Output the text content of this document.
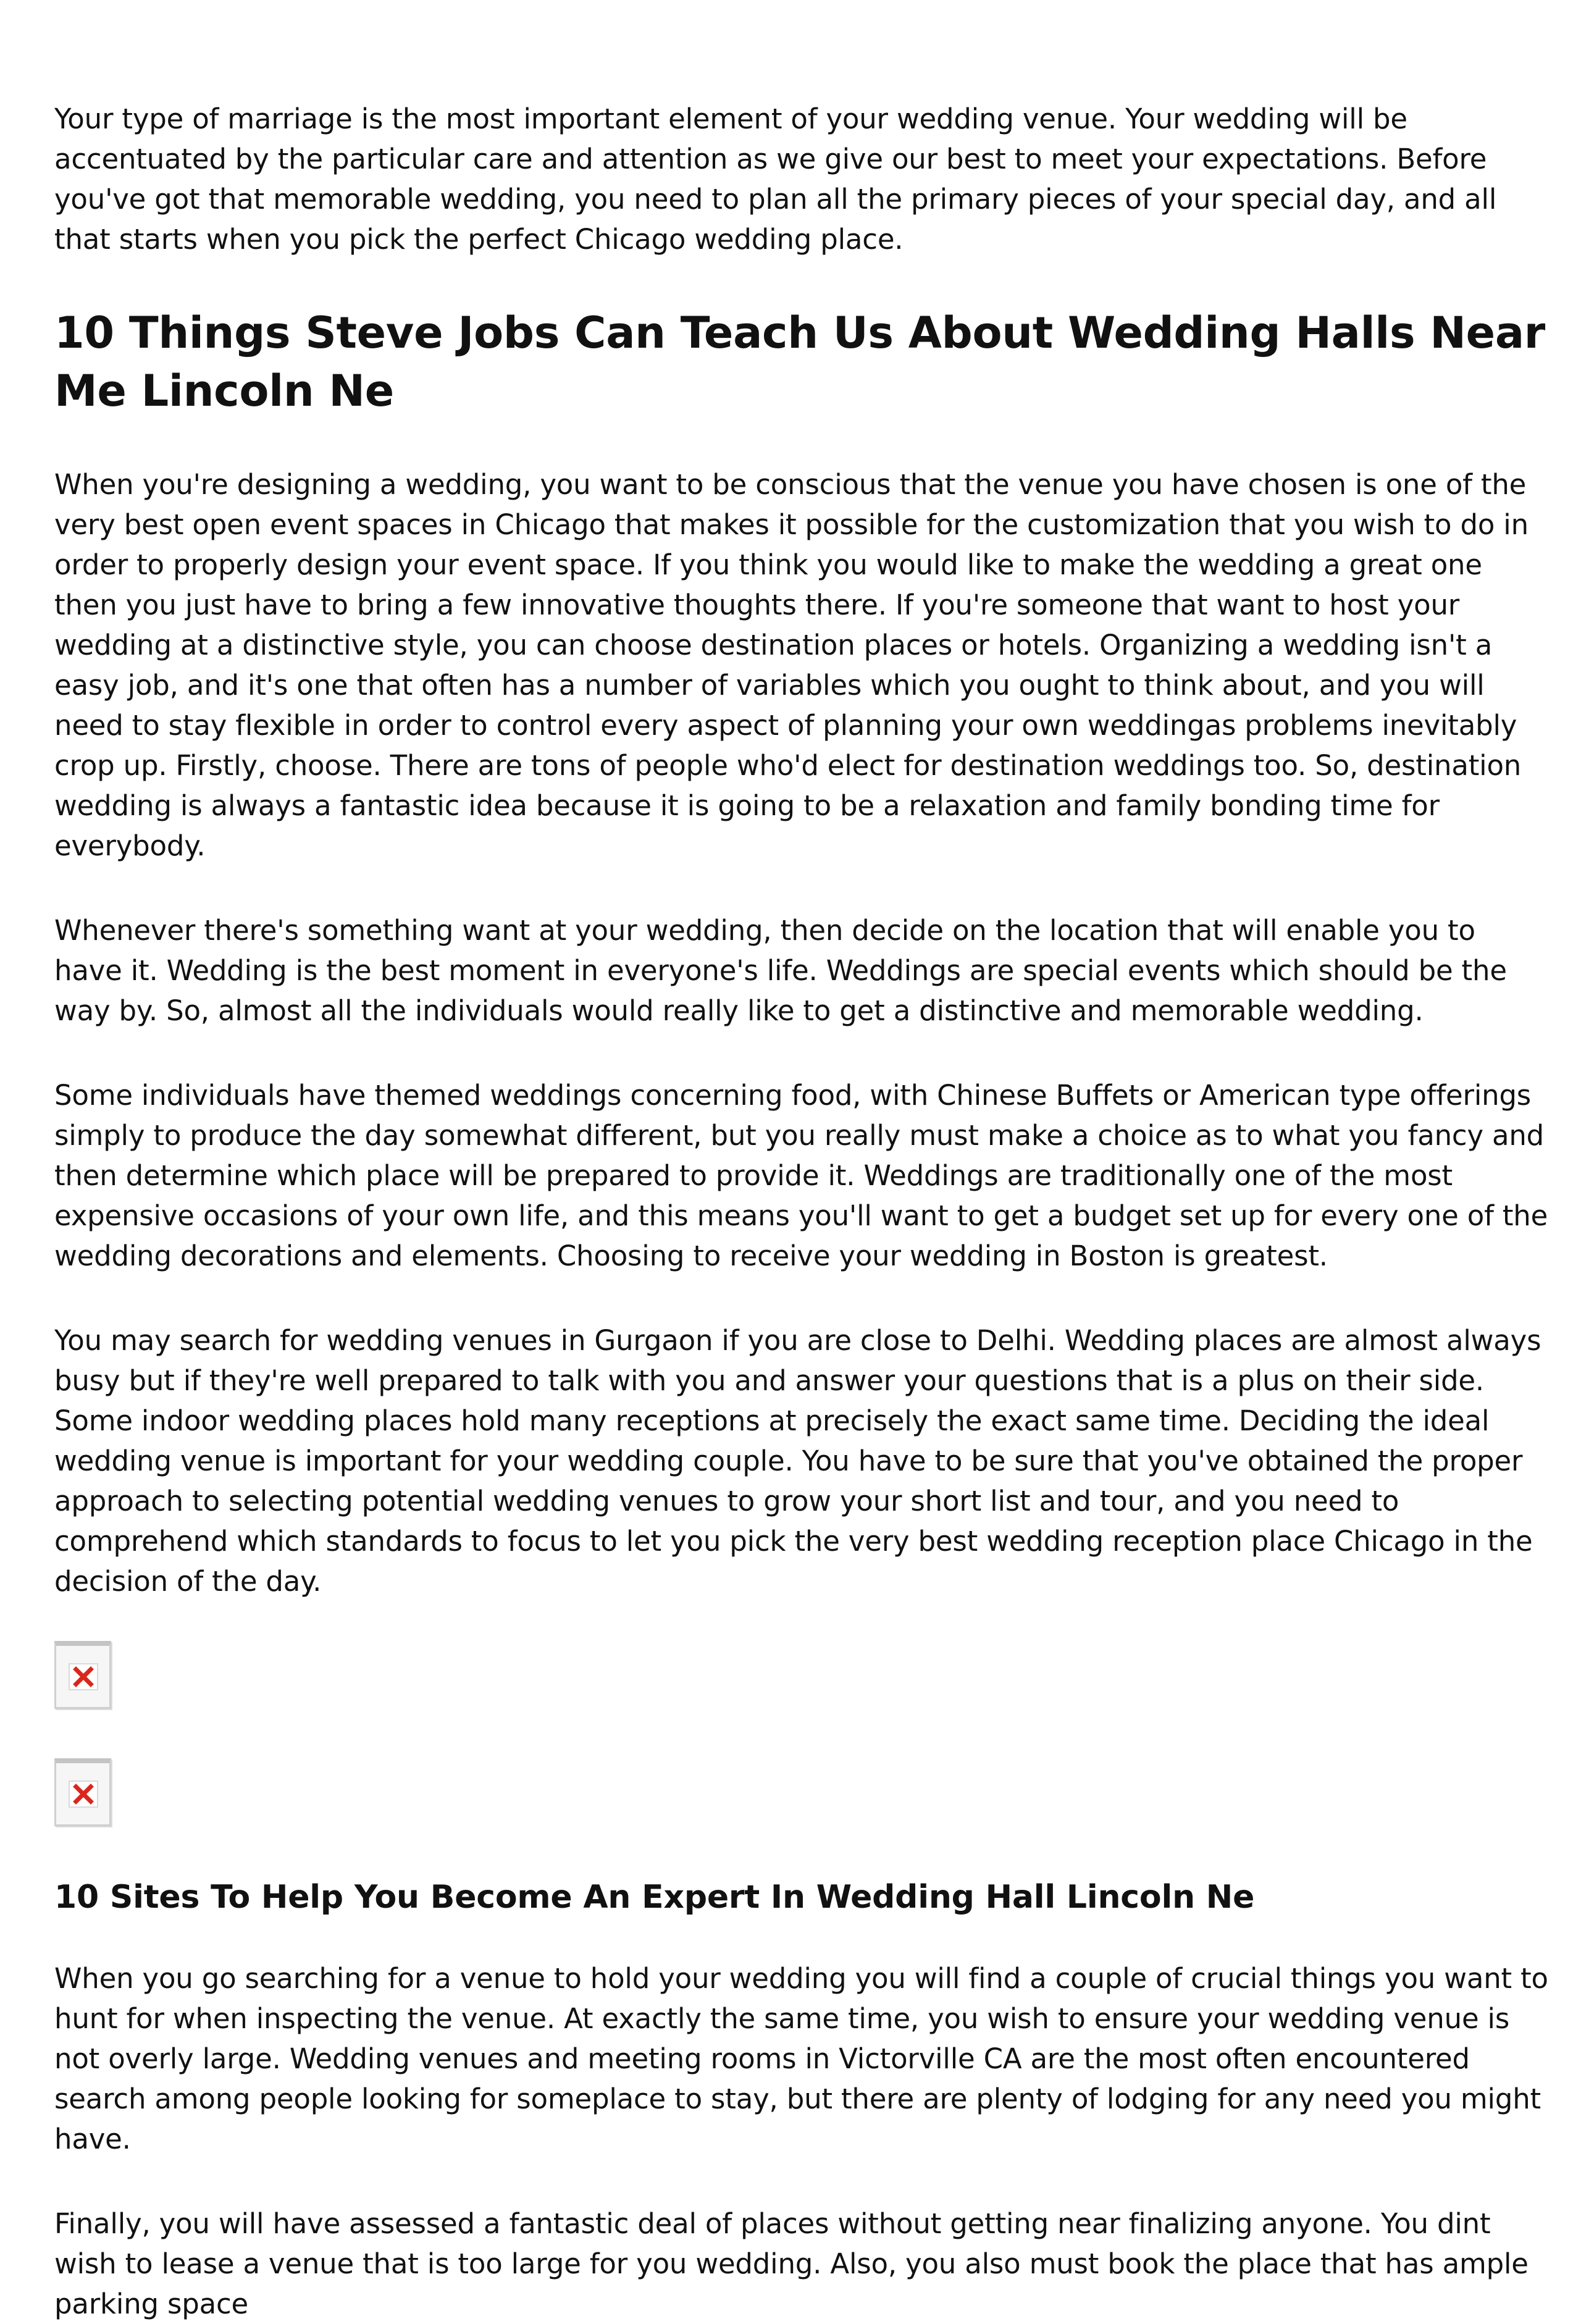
Your type of marriage is the most important element of your wedding venue. Your wedding will be accentuated by the particular care and attention as we give our best to meet your expectations. Before you've got that memorable wedding, you need to plan all the primary pieces of your special day, and all that starts when you pick the perfect Chicago wedding place.

10 Things Steve Jobs Can Teach Us About Wedding Halls Near Me Lincoln Ne

When you're designing a wedding, you want to be conscious that the venue you have chosen is one of the very best open event spaces in Chicago that makes it possible for the customization that you wish to do in order to properly design your event space. If you think you would like to make the wedding a great one then you just have to bring a few innovative thoughts there. If you're someone that want to host your wedding at a distinctive style, you can choose destination places or hotels. Organizing a wedding isn't a easy job, and it's one that often has a number of variables which you ought to think about, and you will need to stay flexible in order to control every aspect of planning your own weddingas problems inevitably crop up. Firstly, choose. There are tons of people who'd elect for destination weddings too. So, destination wedding is always a fantastic idea because it is going to be a relaxation and family bonding time for everybody.

Whenever there's something want at your wedding, then decide on the location that will enable you to have it. Wedding is the best moment in everyone's life. Weddings are special events which should be the way by. So, almost all the individuals would really like to get a distinctive and memorable wedding.

Some individuals have themed weddings concerning food, with Chinese Buffets or American type offerings simply to produce the day somewhat different, but you really must make a choice as to what you fancy and then determine which place will be prepared to provide it. Weddings are traditionally one of the most expensive occasions of your own life, and this means you'll want to get a budget set up for every one of the wedding decorations and elements. Choosing to receive your wedding in Boston is greatest.

You may search for wedding venues in Gurgaon if you are close to Delhi. Wedding places are almost always busy but if they're well prepared to talk with you and answer your questions that is a plus on their side. Some indoor wedding places hold many receptions at precisely the exact same time. Deciding the ideal wedding venue is important for your wedding couple. You have to be sure that you've obtained the proper approach to selecting potential wedding venues to grow your short list and tour, and you need to comprehend which standards to focus to let you pick the very best wedding reception place Chicago in the decision of the day.

10 Sites To Help You Become An Expert In Wedding Hall Lincoln Ne

When you go searching for a venue to hold your wedding you will find a couple of crucial things you want to hunt for when inspecting the venue. At exactly the same time, you wish to ensure your wedding venue is not overly large. Wedding venues and meeting rooms in Victorville CA are the most often encountered search among people looking for someplace to stay, but there are plenty of lodging for any need you might have.

Finally, you will have assessed a fantastic deal of places without getting near finalizing anyone. You dint wish to lease a venue that is too large for you wedding. Also, you also must book the place that has ample parking space
